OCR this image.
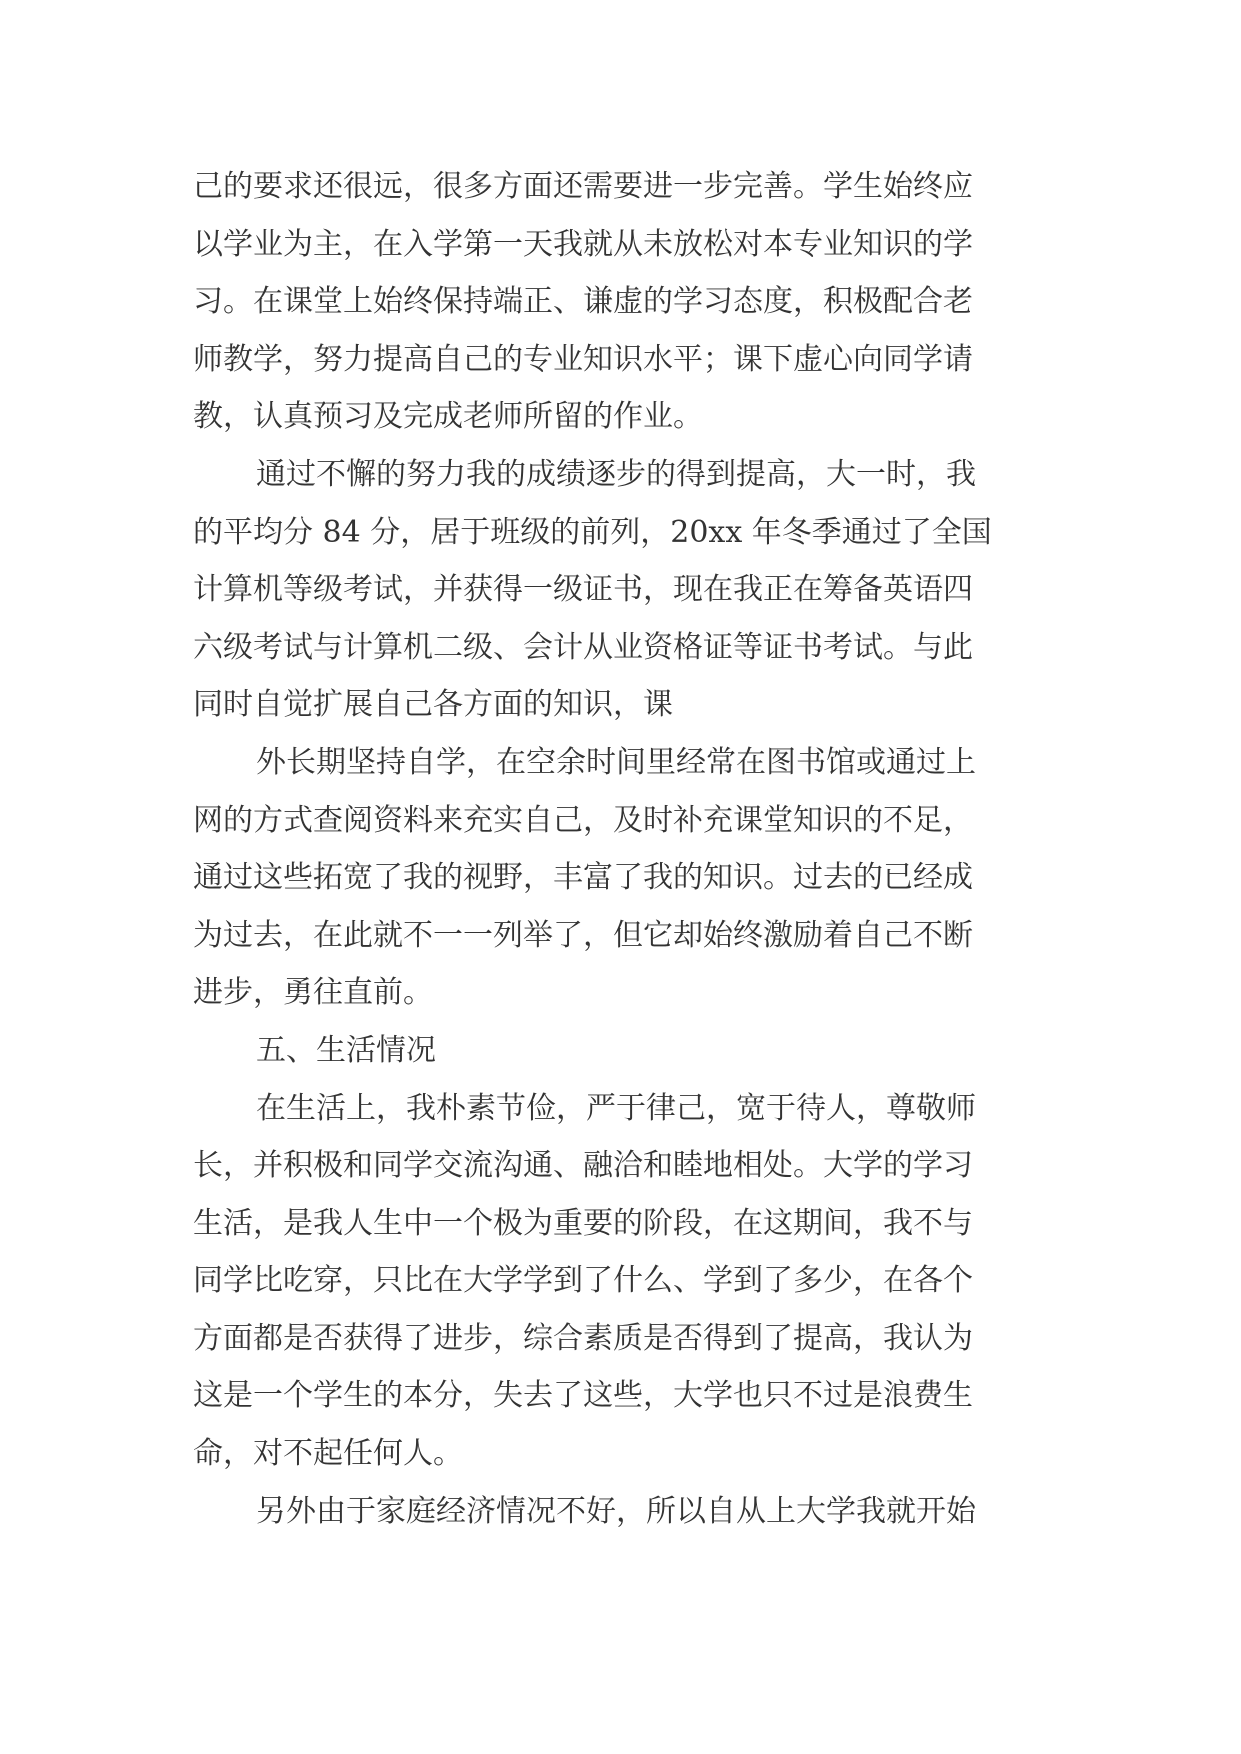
己的要求还很远，很多方面还需要进一步完善。学生始终应
以学业为主，在入学第一天我就从未放松对本专业知识的学
习。在课堂上始终保持端正、谦虚的学习态度，积极配合老
师教学，努力提高自己的专业知识水平；课下虚心向同学请
教，认真预习及完成老师所留的作业。
通过不懈的努力我的成绩逐步的得到提高，大一时，我
的平均分 84 分，居于班级的前列，20xx 年冬季通过了全国
计算机等级考试，并获得一级证书，现在我正在筹备英语四
六级考试与计算机二级、会计从业资格证等证书考试。与此
同时自觉扩展自己各方面的知识，课
外长期坚持自学，在空余时间里经常在图书馆或通过上
网的方式查阅资料来充实自己，及时补充课堂知识的不足，
通过这些拓宽了我的视野，丰富了我的知识。过去的已经成
为过去，在此就不一一列举了，但它却始终激励着自己不断
进步，勇往直前。
五、生活情况
在生活上，我朴素节俭，严于律己，宽于待人，尊敬师
长，并积极和同学交流沟通、融洽和睦地相处。大学的学习
生活，是我人生中一个极为重要的阶段，在这期间，我不与
同学比吃穿，只比在大学学到了什么、学到了多少，在各个
方面都是否获得了进步，综合素质是否得到了提高，我认为
这是一个学生的本分，失去了这些，大学也只不过是浪费生
命，对不起任何人。
另外由于家庭经济情况不好，所以自从上大学我就开始
